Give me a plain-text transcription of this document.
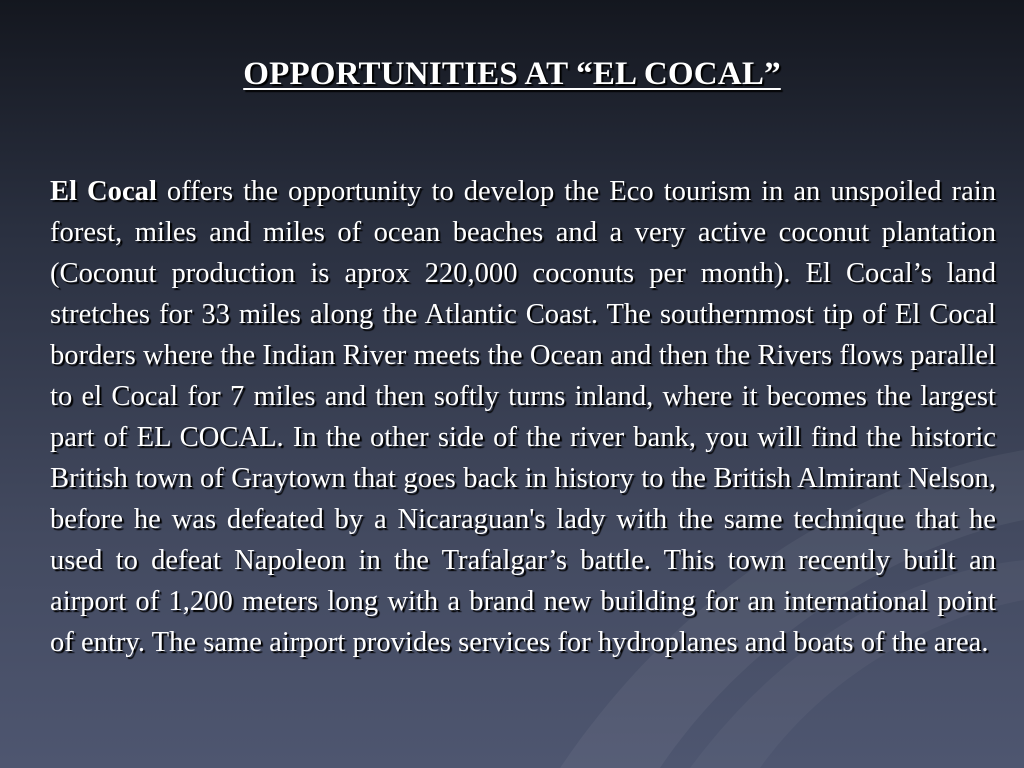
OPPORTUNITIES AT “EL COCAL”

El Cocal offers the opportunity to develop the Eco tourism in an unspoiled rain forest, miles and miles of ocean beaches and a very active coconut plantation (Coconut production is aprox 220,000 coconuts per month). El Cocal’s land stretches for 33 miles along the Atlantic Coast. The southernmost tip of El Cocal borders where the Indian River meets the Ocean and then the Rivers flows parallel to el Cocal for 7 miles and then softly turns inland, where it becomes the largest part of EL COCAL. In the other side of the river bank, you will find the historic British town of Graytown that goes back in history to the British Almirant Nelson, before he was defeated by a Nicaraguan's lady with the same technique that he used to defeat Napoleon in the Trafalgar’s battle. This town recently built an airport of 1,200 meters long with a brand new building for an international point of entry. The same airport provides services for hydroplanes and boats of the area.
